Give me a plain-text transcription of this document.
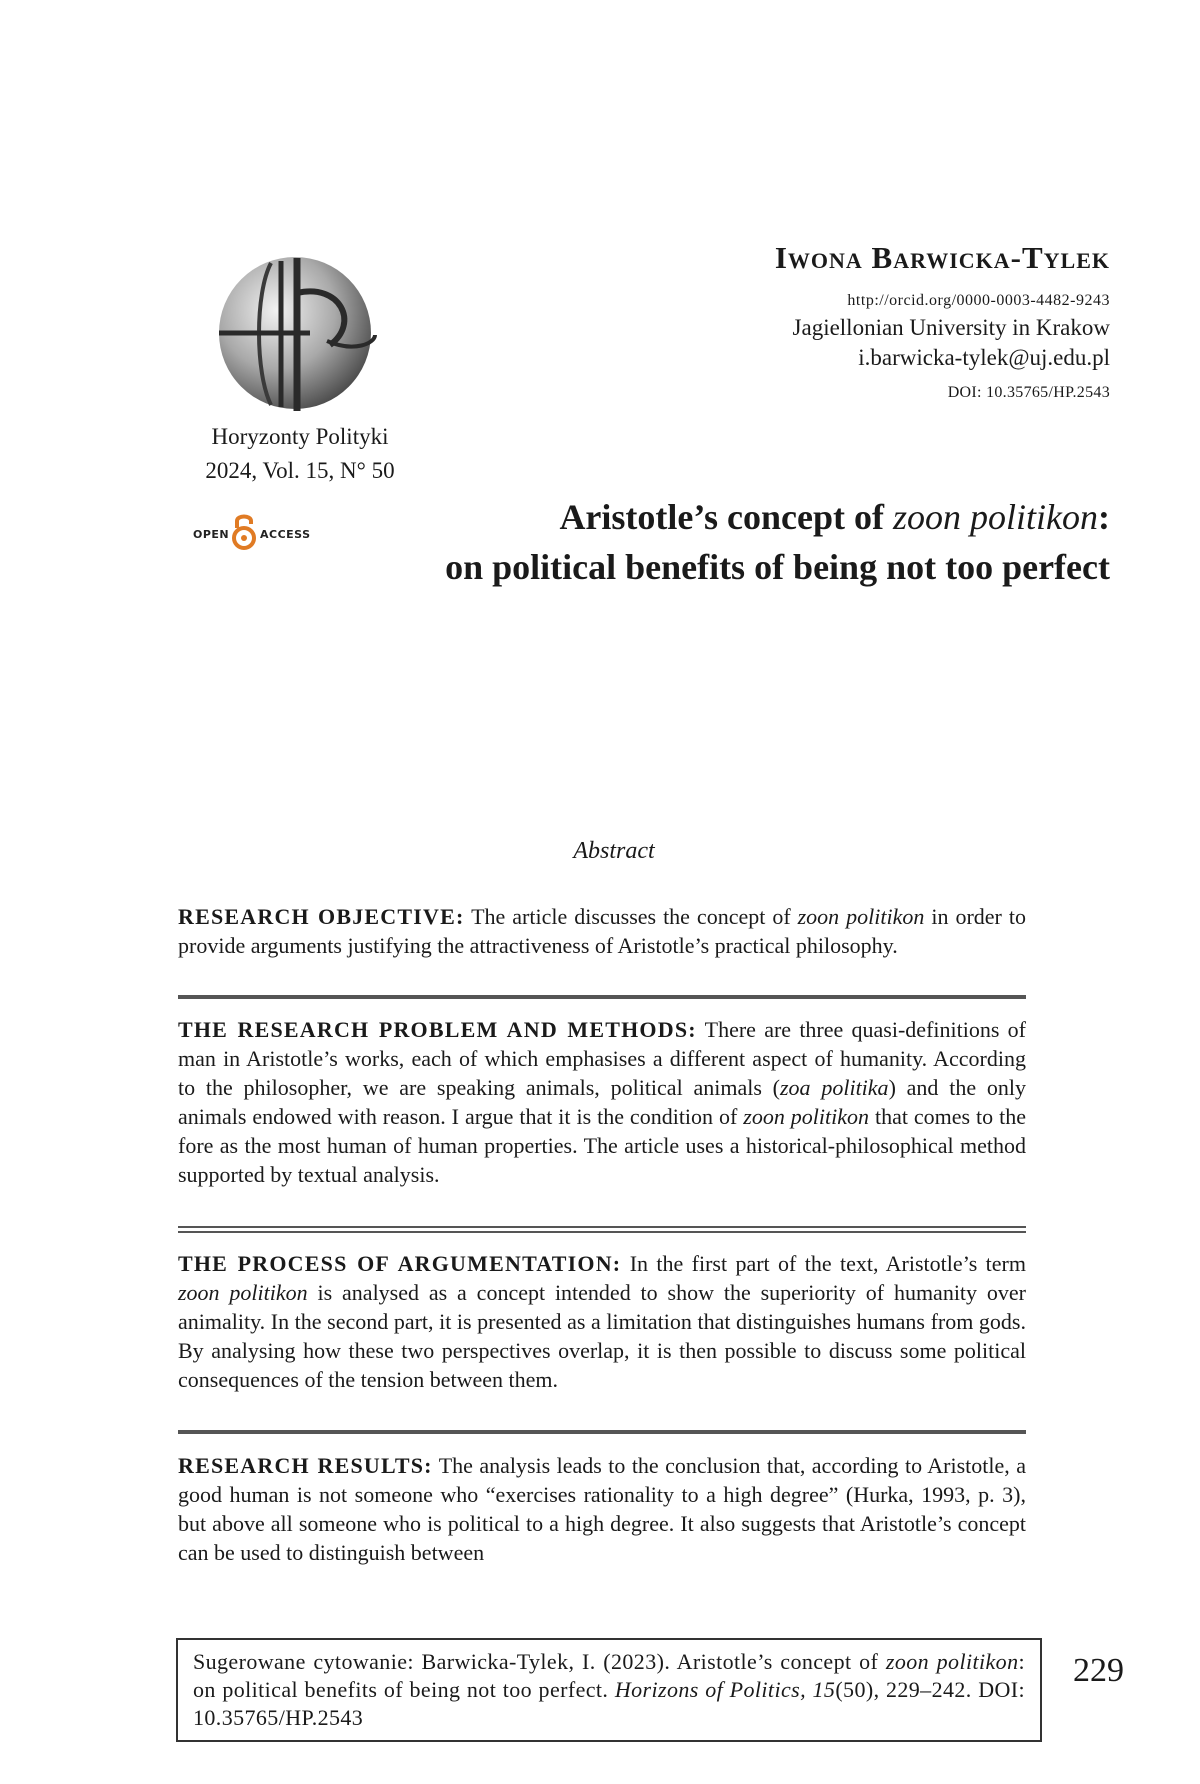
Horyzonty Polityki
2024, Vol. 15, N° 50
OPEN	ACCESS
Iwona Barwicka-Tylek
http://orcid.org/0000-0003-4482-9243
Jagiellonian University in Krakow
i.barwicka-tylek@uj.edu.pl
DOI: 10.35765/HP.2543
Aristotle’s concept of zoon politikon:
on political benefits of being not too perfect
Abstract
RESEARCH OBJECTIVE: The article discusses the concept of zoon politikon in order to provide arguments justifying the attractiveness of Aristotle’s practical philosophy.
THE RESEARCH PROBLEM AND METHODS: There are three quasi-definitions of man in Aristotle’s works, each of which emphasises a different aspect of humanity. According to the philosopher, we are speaking animals, political animals (zoa politika) and the only animals endowed with reason. I argue that it is the condition of zoon politikon that comes to the fore as the most human of human properties. The article uses a historical-philosophical method supported by textual analysis.
THE PROCESS OF ARGUMENTATION: In the first part of the text, Aristotle’s term zoon politikon is analysed as a concept intended to show the superiority of humanity over animality. In the second part, it is presented as a limitation that distinguishes humans from gods. By analysing how these two perspectives overlap, it is then possible to discuss some political consequences of the tension between them.
RESEARCH RESULTS: The analysis leads to the conclusion that, according to Aristotle, a good human is not someone who “exercises rationality to a high degree” (Hurka, 1993, p. 3), but above all someone who is political to a high degree. It also suggests that Aristotle’s concept can be used to distinguish between
Sugerowane cytowanie: Barwicka-Tylek, I. (2023). Aristotle’s concept of zoon politikon: on political benefits of being not too perfect. Horizons of Politics, 15(50), 229–242. DOI: 10.35765/HP.2543
229
